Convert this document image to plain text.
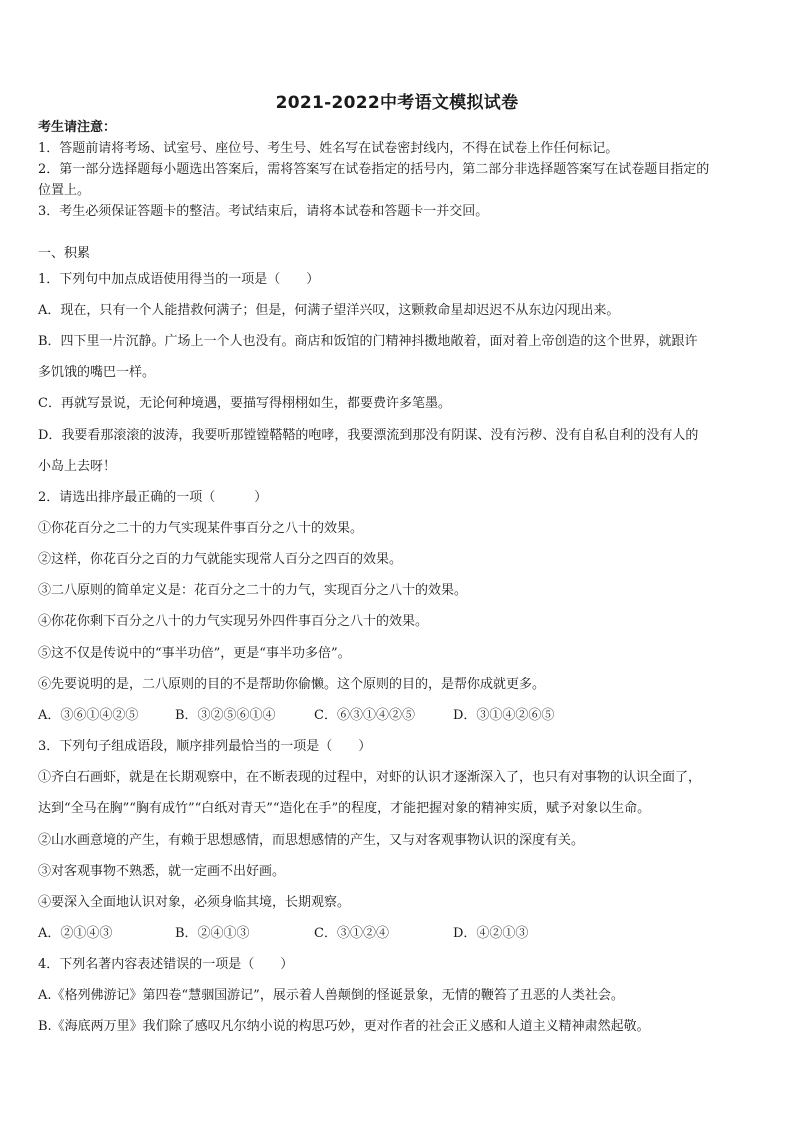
2021-2022中考语文模拟试卷
考生请注意：
1．答题前请将考场、试室号、座位号、考生号、姓名写在试卷密封线内，不得在试卷上作任何标记。
2．第一部分选择题每小题选出答案后，需将答案写在试卷指定的括号内，第二部分非选择题答案写在试卷题目指定的
位置上。
3．考生必须保证答题卡的整洁。考试结束后，请将本试卷和答题卡一并交回。
一、积累
1．下列句中加点成语使用得当的一项是（　　）
A．现在，只有一个人能措救何满子；但是，何满子望洋兴叹，这颗救命星却迟迟不从东边闪现出来。
B．四下里一片沉静。广场上一个人也没有。商店和饭馆的门精神抖擞地敞着，面对着上帝创造的这个世界，就跟许
多饥饿的嘴巴一样。
C．再就写景说，无论何种境遇，要描写得栩栩如生，都要费许多笔墨。
D．我要看那滚滚的波涛，我要听那镗镗鞳鞳的咆哮，我要漂流到那没有阴谋、没有污秽、没有自私自利的没有人的
小岛上去呀！
2．请选出排序最正确的一项（　　　）
①你花百分之二十的力气实现某件事百分之八十的效果。
②这样，你花百分之百的力气就能实现常人百分之四百的效果。
③二八原则的简单定义是：花百分之二十的力气，实现百分之八十的效果。
④你花你剩下百分之八十的力气实现另外四件事百分之八十的效果。
⑤这不仅是传说中的“事半功倍”，更是“事半功多倍”。
⑥先要说明的是，二八原则的目的不是帮助你偷懒。这个原则的目的，是帮你成就更多。
A．③⑥①④②⑤	B．③②⑤⑥①④	C．⑥③①④②⑤	D．③①④②⑥⑤
3．下列句子组成语段，顺序排列最恰当的一项是（　　）
①齐白石画虾，就是在长期观察中，在不断表现的过程中，对虾的认识才逐渐深入了，也只有对事物的认识全面了，
达到“全马在胸”“胸有成竹”“白纸对青天”“造化在手”的程度，才能把握对象的精神实质，赋予对象以生命。
②山水画意境的产生，有赖于思想感情，而思想感情的产生，又与对客观事物认识的深度有关。
③对客观事物不熟悉，就一定画不出好画。
④要深入全面地认识对象，必须身临其境，长期观察。
A．②①④③	B．②④①③	C．③①②④	D．④②①③
4．下列名著内容表述错误的一项是（　　）
A.《格列佛游记》第四卷“慧骃国游记”，展示着人兽颠倒的怪诞景象，无情的鞭笞了丑恶的人类社会。
B.《海底两万里》我们除了感叹凡尔纳小说的构思巧妙，更对作者的社会正义感和人道主义精神肃然起敬。
